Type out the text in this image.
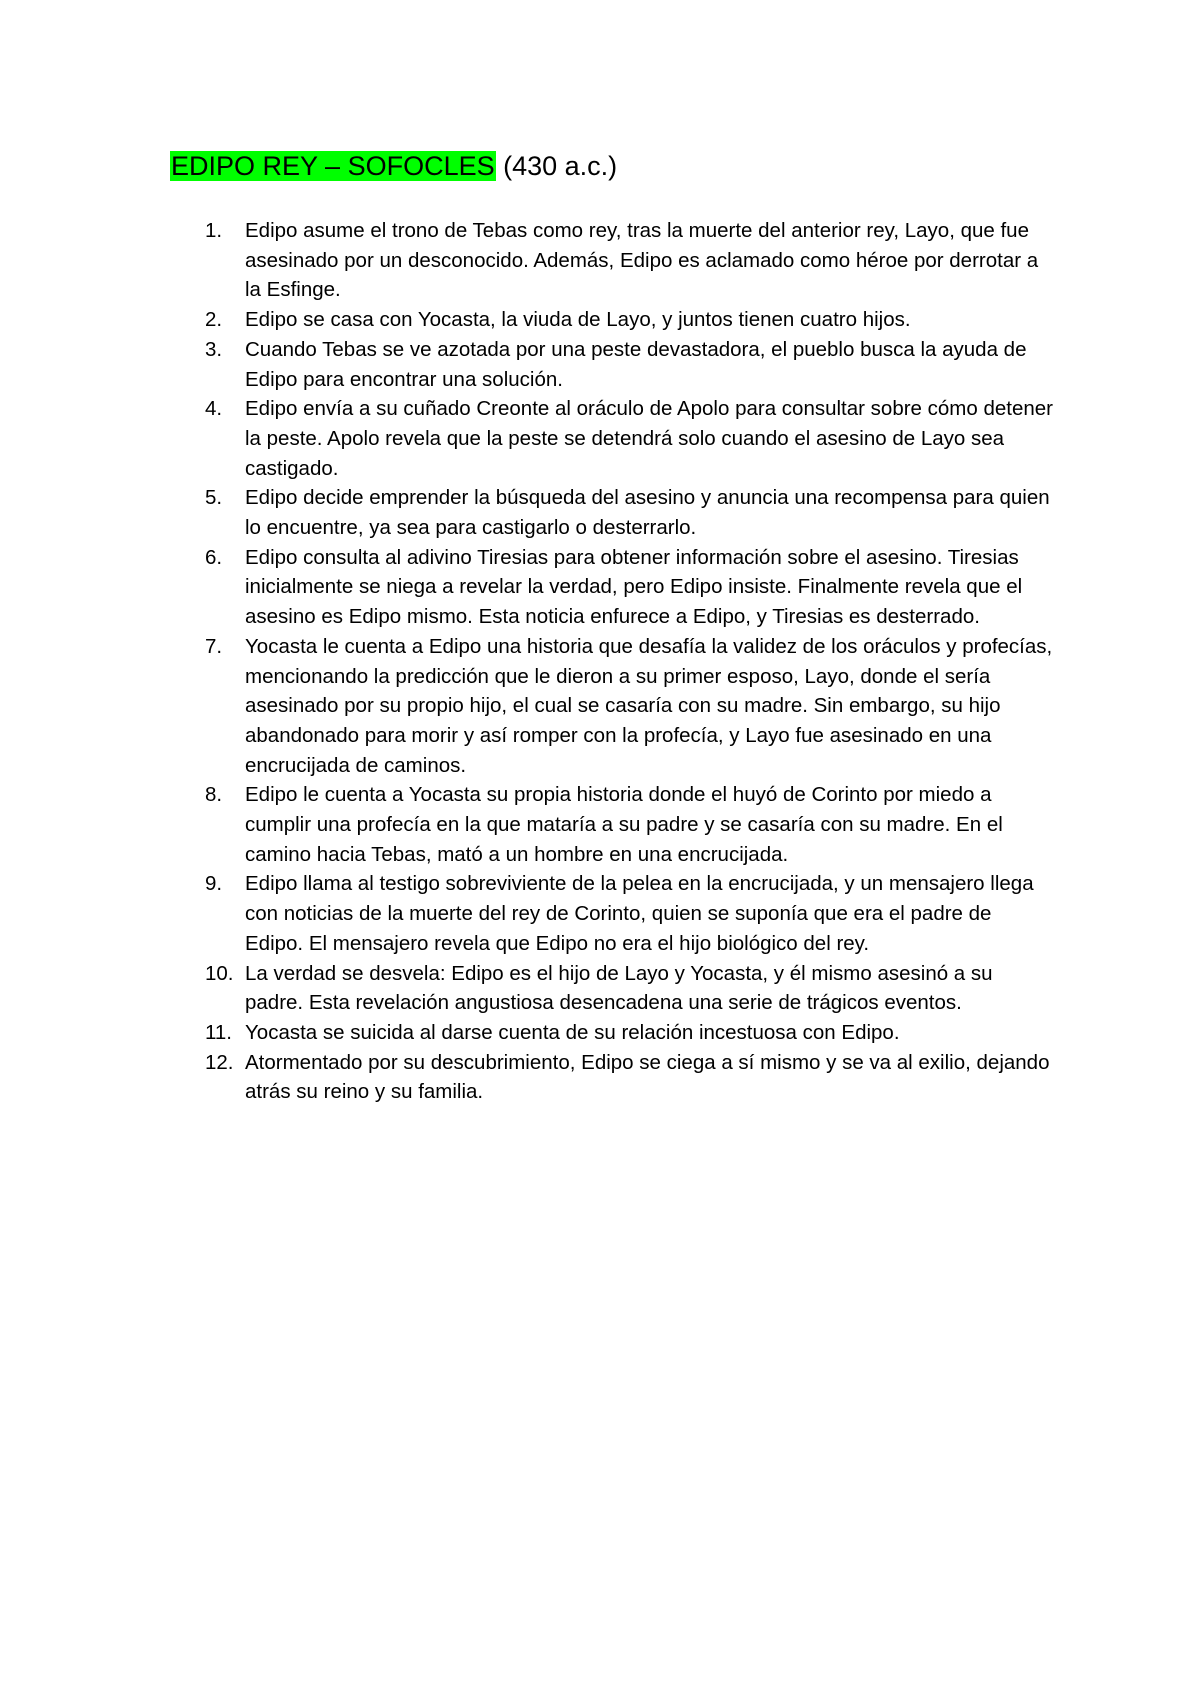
EDIPO REY – SOFOCLES (430 a.c.)
1. Edipo asume el trono de Tebas como rey, tras la muerte del anterior rey, Layo, que fue asesinado por un desconocido. Además, Edipo es aclamado como héroe por derrotar a la Esfinge.
2. Edipo se casa con Yocasta, la viuda de Layo, y juntos tienen cuatro hijos.
3. Cuando Tebas se ve azotada por una peste devastadora, el pueblo busca la ayuda de Edipo para encontrar una solución.
4. Edipo envía a su cuñado Creonte al oráculo de Apolo para consultar sobre cómo detener la peste. Apolo revela que la peste se detendrá solo cuando el asesino de Layo sea castigado.
5. Edipo decide emprender la búsqueda del asesino y anuncia una recompensa para quien lo encuentre, ya sea para castigarlo o desterrarlo.
6. Edipo consulta al adivino Tiresias para obtener información sobre el asesino. Tiresias inicialmente se niega a revelar la verdad, pero Edipo insiste. Finalmente revela que el asesino es Edipo mismo. Esta noticia enfurece a Edipo, y Tiresias es desterrado.
7. Yocasta le cuenta a Edipo una historia que desafía la validez de los oráculos y profecías, mencionando la predicción que le dieron a su primer esposo, Layo, donde el sería asesinado por su propio hijo, el cual se casaría con su madre. Sin embargo, su hijo abandonado para morir y así romper con la profecía, y Layo fue asesinado en una encrucijada de caminos.
8. Edipo le cuenta a Yocasta su propia historia donde el huyó de Corinto por miedo a cumplir una profecía en la que mataría a su padre y se casaría con su madre. En el camino hacia Tebas, mató a un hombre en una encrucijada.
9. Edipo llama al testigo sobreviviente de la pelea en la encrucijada, y un mensajero llega con noticias de la muerte del rey de Corinto, quien se suponía que era el padre de Edipo. El mensajero revela que Edipo no era el hijo biológico del rey.
10. La verdad se desvela: Edipo es el hijo de Layo y Yocasta, y él mismo asesinó a su padre. Esta revelación angustiosa desencadena una serie de trágicos eventos.
11. Yocasta se suicida al darse cuenta de su relación incestuosa con Edipo.
12. Atormentado por su descubrimiento, Edipo se ciega a sí mismo y se va al exilio, dejando atrás su reino y su familia.
